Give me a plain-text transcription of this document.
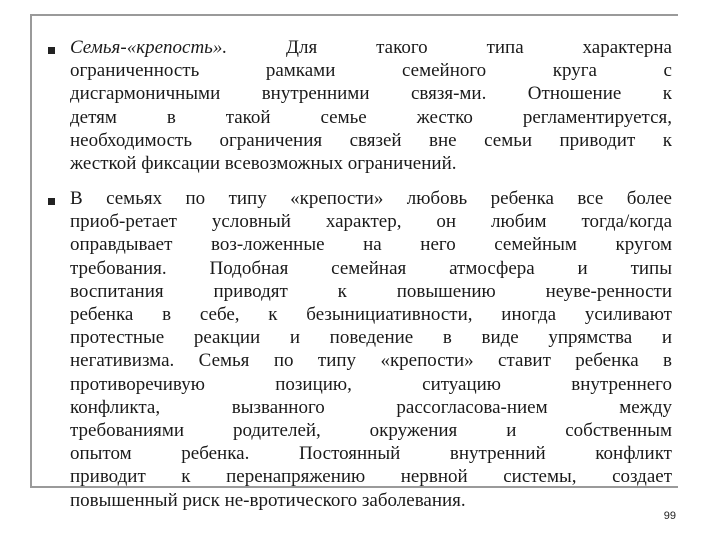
Семья-«крепость». Для такого типа характерна
ограниченность рамками семейного круга с
дисгармоничными внутренними связя-ми. Отношение к
детям в такой семье жестко регламентируется,
необходимость ограничения связей вне семьи приводит к
жесткой фиксации всевозможных ограничений.

В семьях по типу «крепости» любовь ребенка все более
приоб-ретает условный характер, он любим тогда/когда
оправдывает воз-ложенные на него семейным кругом
требования. Подобная семейная атмосфера и типы
воспитания приводят к повышению неуве-ренности
ребенка в себе, к безынициативности, иногда усиливают
протестные реакции и поведение в виде упрямства и
негативизма. Семья по типу «крепости» ставит ребенка в
противоречивую позицию, ситуацию внутреннего
конфликта, вызванного рассогласова-нием между
требованиями родителей, окружения и собственным
опытом ребенка. Постоянный внутренний конфликт
приводит к перенапряжению нервной системы, создает
повышенный риск не-вротического заболевания.

99
